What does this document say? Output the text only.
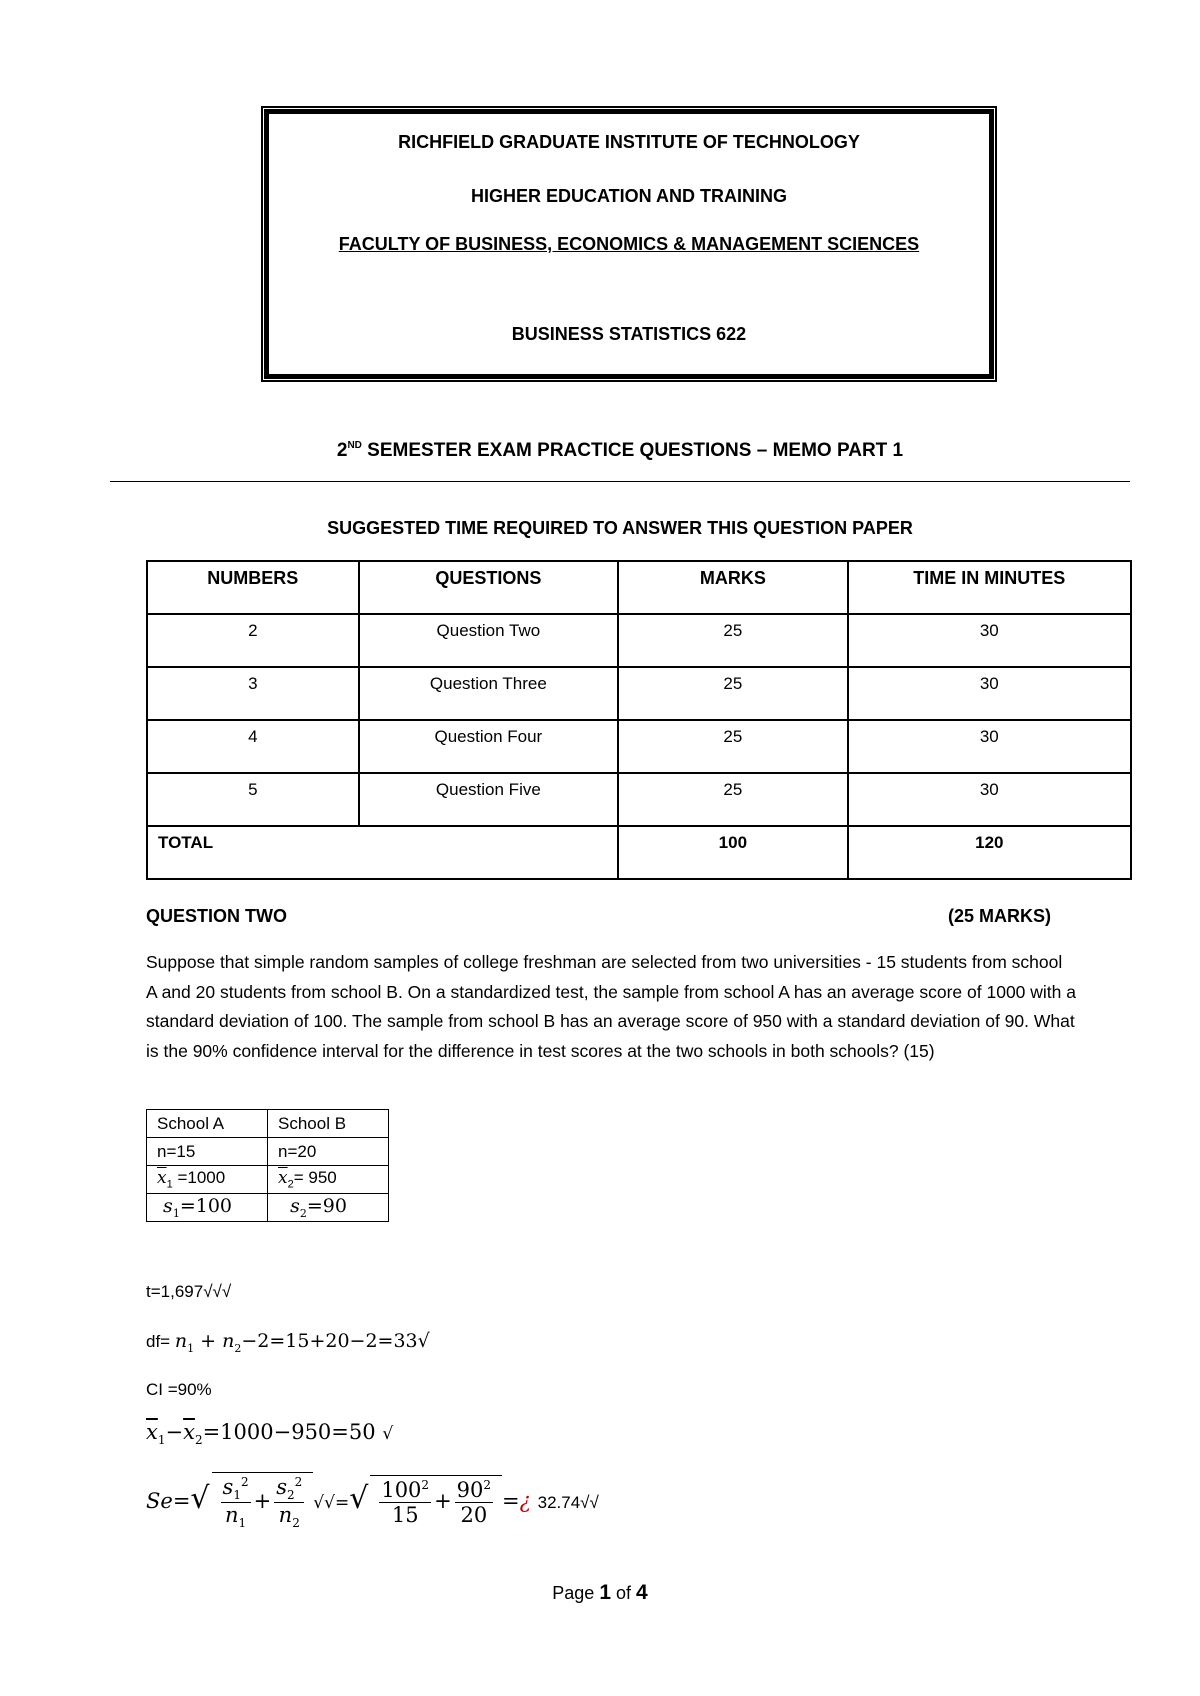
RICHFIELD GRADUATE INSTITUTE OF TECHNOLOGY
HIGHER EDUCATION AND TRAINING
FACULTY OF BUSINESS, ECONOMICS & MANAGEMENT SCIENCES
BUSINESS STATISTICS 622
2ND SEMESTER EXAM PRACTICE QUESTIONS – MEMO PART 1
SUGGESTED TIME REQUIRED TO ANSWER THIS QUESTION PAPER
NUMBERS	QUESTIONS	MARKS	TIME IN MINUTES
2	Question Two	25	30
3	Question Three	25	30
4	Question Four	25	30
5	Question Five	25	30
TOTAL		100	120
QUESTION TWO	(25 MARKS)
Suppose that simple random samples of college freshman are selected from two universities - 15 students from school A and 20 students from school B. On a standardized test, the sample from school A has an average score of 1000 with a standard deviation of 100. The sample from school B has an average score of 950 with a standard deviation of 90. What is the 90% confidence interval for the difference in test scores at the two schools in both schools? (15)
School A	School B
n=15	n=20
$\overline{x}_1 =1000$	$\overline{x}_2= 950$
$s_1=100$	$s_2=90$
t=1,697√√√
$df= n_1 + n_2-2=15+20-2=33√$
CI =90%
$\overline{x}_1-\overline{x}_2=1000-950=50$ √
$Se=√ \frac{s_1^2}{n_1} + \frac{s_2^2}{n_2}$ √√=√ $\frac{100^2}{15} + \frac{90^2}{20}$ =¿ 32.74√√
Page 1 of 4
